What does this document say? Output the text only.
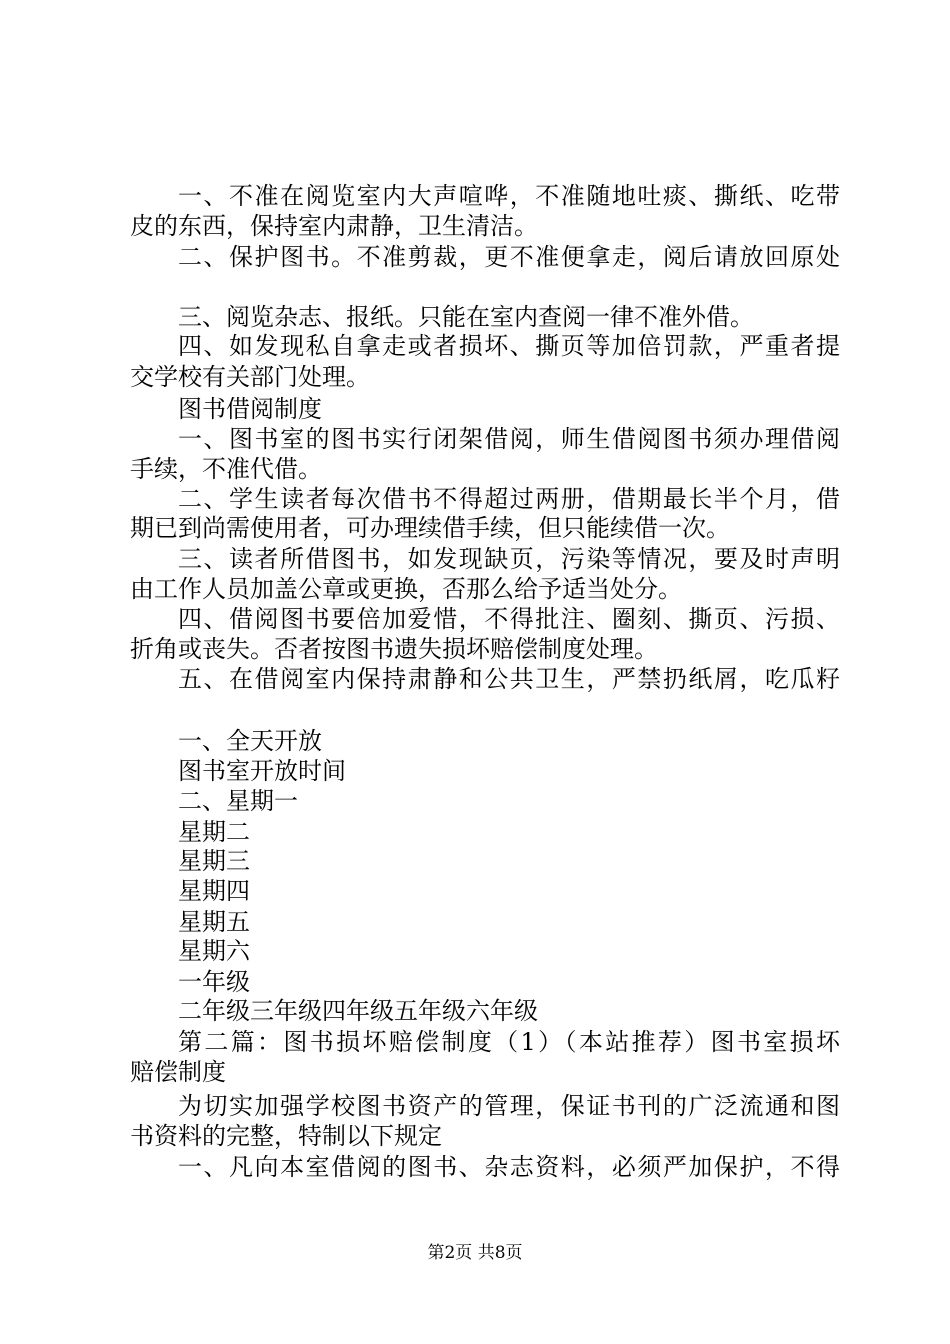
一、不准在阅览室内大声喧哗，不准随地吐痰、撕纸、吃带
皮的东西，保持室内肃静，卫生清洁。
二、保护图书。不准剪裁，更不准便拿走，阅后请放回原处
三、阅览杂志、报纸。只能在室内查阅一律不准外借。
四、如发现私自拿走或者损坏、撕页等加倍罚款，严重者提
交学校有关部门处理。
图书借阅制度
一、图书室的图书实行闭架借阅，师生借阅图书须办理借阅
手续，不准代借。
二、学生读者每次借书不得超过两册，借期最长半个月，借
期已到尚需使用者，可办理续借手续，但只能续借一次。
三、读者所借图书，如发现缺页，污染等情况，要及时声明
由工作人员加盖公章或更换，否那么给予适当处分。
四、借阅图书要倍加爱惜，不得批注、圈刻、撕页、污损、
折角或丧失。否者按图书遗失损坏赔偿制度处理。
五、在借阅室内保持肃静和公共卫生，严禁扔纸屑，吃瓜籽
一、全天开放
图书室开放时间
二、星期一
星期二
星期三
星期四
星期五
星期六
一年级
二年级三年级四年级五年级六年级
第二篇：图书损坏赔偿制度（1）（本站推荐）图书室损坏
赔偿制度
为切实加强学校图书资产的管理，保证书刊的广泛流通和图
书资料的完整，特制以下规定
一、凡向本室借阅的图书、杂志资料，必须严加保护，不得
第2页 共8页
